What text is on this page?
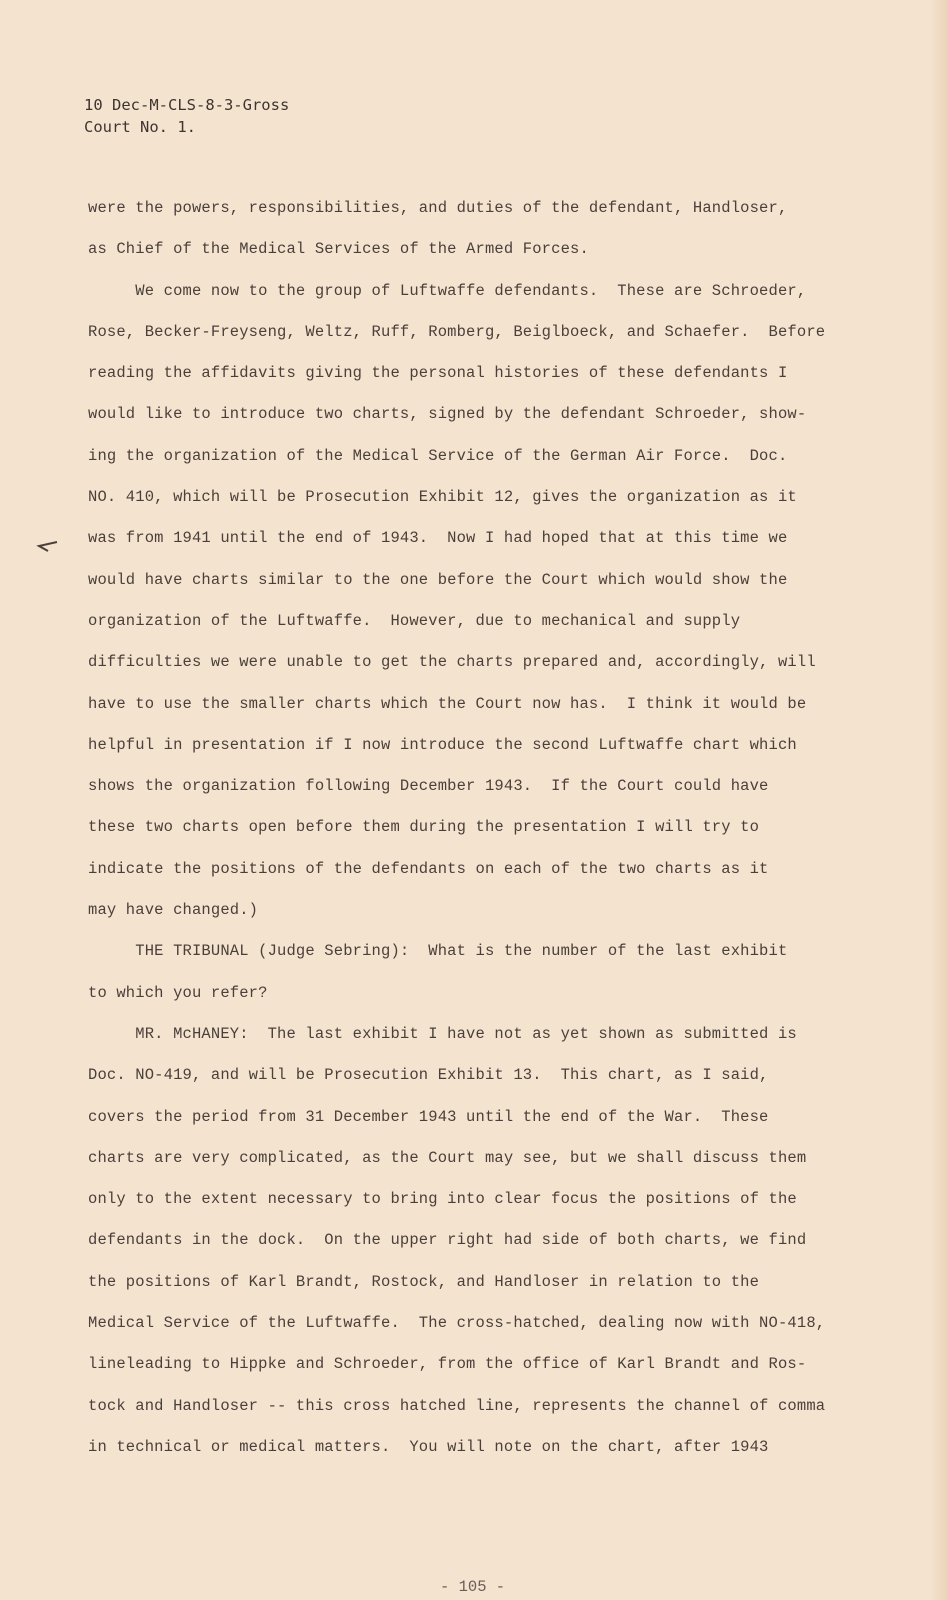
10 Dec-M-CLS-8-3-Gross
Court No. 1.
were the powers, responsibilities, and duties of the defendant, Handloser,
as Chief of the Medical Services of the Armed Forces.
We come now to the group of Luftwaffe defendants.  These are Schroeder,
Rose, Becker-Freyseng, Weltz, Ruff, Romberg, Beiglboeck, and Schaefer.  Before
reading the affidavits giving the personal histories of these defendants I
would like to introduce two charts, signed by the defendant Schroeder, show-
ing the organization of the Medical Service of the German Air Force.  Doc.
NO. 410, which will be Prosecution Exhibit 12, gives the organization as it
was from 1941 until the end of 1943.  Now I had hoped that at this time we
would have charts similar to the one before the Court which would show the
organization of the Luftwaffe.  However, due to mechanical and supply
difficulties we were unable to get the charts prepared and, accordingly, will
have to use the smaller charts which the Court now has.  I think it would be
helpful in presentation if I now introduce the second Luftwaffe chart which
shows the organization following December 1943.  If the Court could have
these two charts open before them during the presentation I will try to
indicate the positions of the defendants on each of the two charts as it
may have changed.)
THE TRIBUNAL (Judge Sebring):  What is the number of the last exhibit
to which you refer?
MR. McHANEY:  The last exhibit I have not as yet shown as submitted is
Doc. NO-419, and will be Prosecution Exhibit 13.  This chart, as I said,
covers the period from 31 December 1943 until the end of the War.  These
charts are very complicated, as the Court may see, but we shall discuss them
only to the extent necessary to bring into clear focus the positions of the
defendants in the dock.  On the upper right had side of both charts, we find
the positions of Karl Brandt, Rostock, and Handloser in relation to the
Medical Service of the Luftwaffe.  The cross-hatched, dealing now with NO-418,
lineleading to Hippke and Schroeder, from the office of Karl Brandt and Ros-
tock and Handloser -- this cross hatched line, represents the channel of comma
in technical or medical matters.  You will note on the chart, after 1943
- 105 -
